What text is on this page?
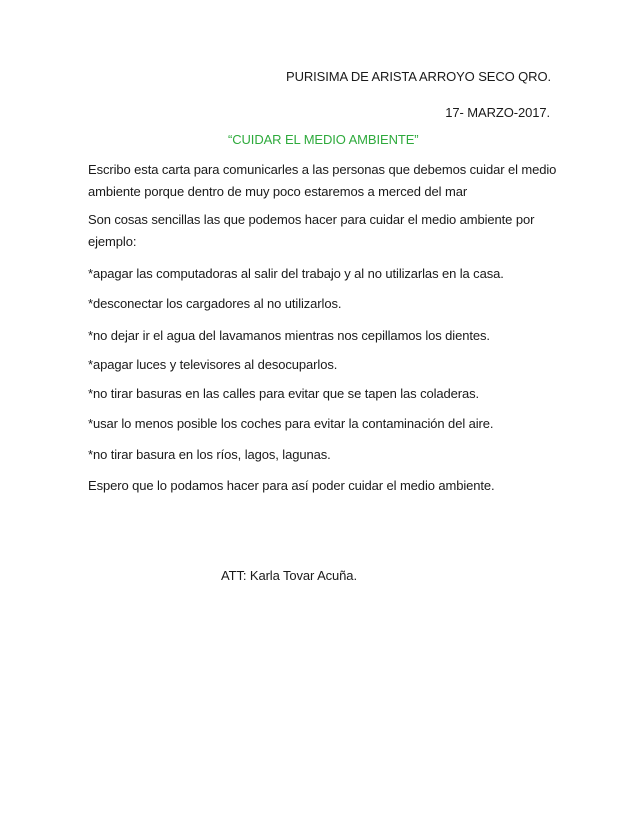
PURISIMA DE ARISTA ARROYO SECO QRO.
17- MARZO-2017.
“CUIDAR EL MEDIO AMBIENTE”
Escribo esta carta para comunicarles a las personas que debemos cuidar el medio
ambiente porque dentro de muy poco estaremos a merced del mar
Son cosas sencillas las que podemos hacer para cuidar el medio ambiente por
ejemplo:
*apagar las computadoras al salir del trabajo y al no utilizarlas en la casa.
*desconectar los cargadores al no utilizarlos.
*no dejar ir el agua del lavamanos mientras nos cepillamos los dientes.
*apagar luces y televisores al desocuparlos.
*no tirar basuras en las calles para evitar que se tapen las coladeras.
*usar lo menos posible los coches para evitar la contaminación del aire.
*no tirar basura en los ríos, lagos, lagunas.
Espero que lo podamos hacer para así poder cuidar el medio ambiente.
ATT: Karla Tovar Acuña.
